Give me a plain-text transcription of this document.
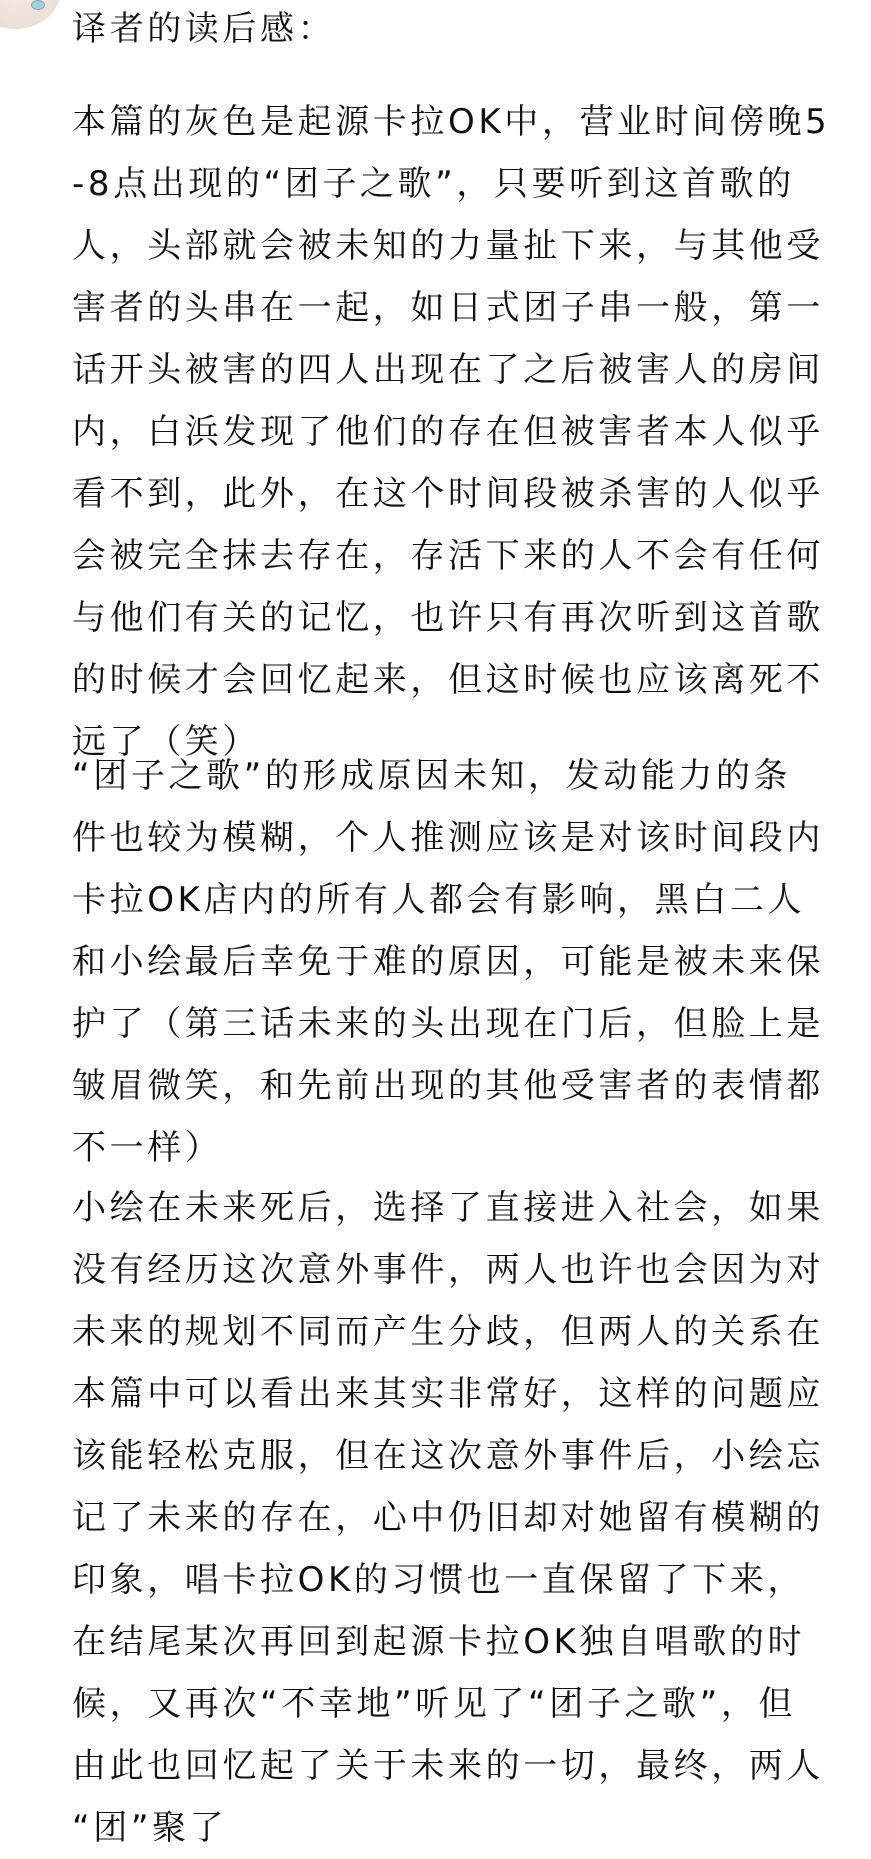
译者的读后感：
本篇的灰色是起源卡拉OK中，营业时间傍晚5
-8点出现的“团子之歌”，只要听到这首歌的
人，头部就会被未知的力量扯下来，与其他受
害者的头串在一起，如日式团子串一般，第一
话开头被害的四人出现在了之后被害人的房间
内，白浜发现了他们的存在但被害者本人似乎
看不到，此外，在这个时间段被杀害的人似乎
会被完全抹去存在，存活下来的人不会有任何
与他们有关的记忆，也许只有再次听到这首歌
的时候才会回忆起来，但这时候也应该离死不
远了（笑）
“团子之歌”的形成原因未知，发动能力的条
件也较为模糊，个人推测应该是对该时间段内
卡拉OK店内的所有人都会有影响，黑白二人
和小绘最后幸免于难的原因，可能是被未来保
护了（第三话未来的头出现在门后，但脸上是
皱眉微笑，和先前出现的其他受害者的表情都
不一样）
小绘在未来死后，选择了直接进入社会，如果
没有经历这次意外事件，两人也许也会因为对
未来的规划不同而产生分歧，但两人的关系在
本篇中可以看出来其实非常好，这样的问题应
该能轻松克服，但在这次意外事件后，小绘忘
记了未来的存在，心中仍旧却对她留有模糊的
印象，唱卡拉OK的习惯也一直保留了下来，
在结尾某次再回到起源卡拉OK独自唱歌的时
候，又再次“不幸地”听见了“团子之歌”，但
由此也回忆起了关于未来的一切，最终，两人
“团”聚了
